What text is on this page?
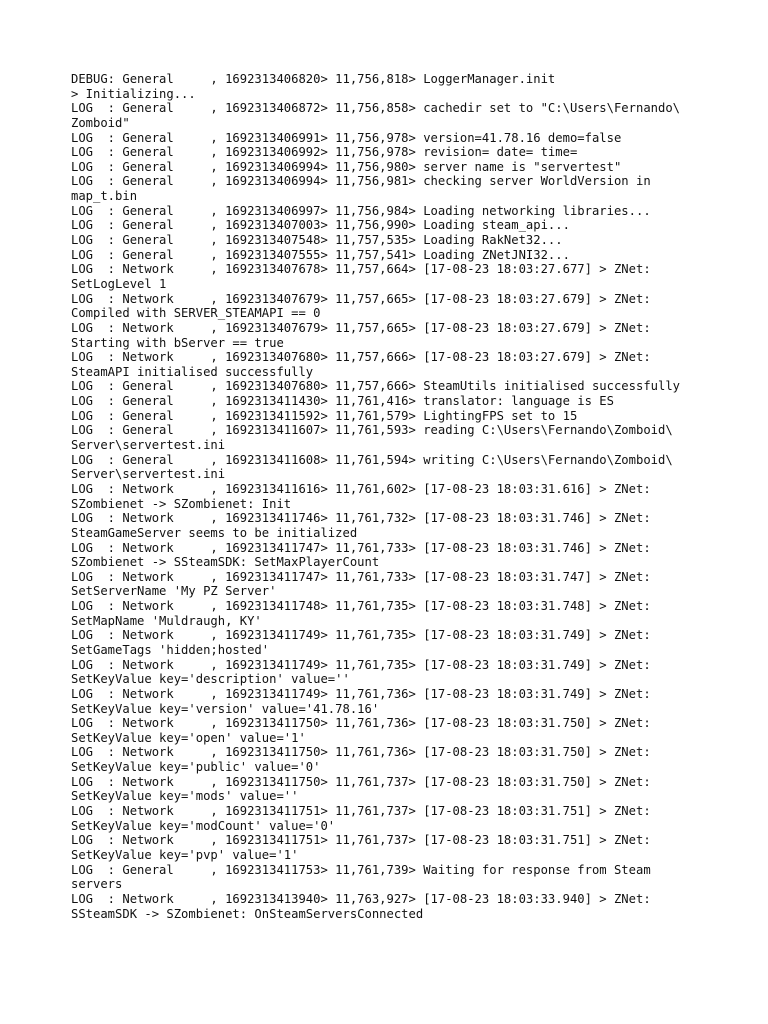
DEBUG: General     , 1692313406820> 11,756,818> LoggerManager.init
> Initializing...
LOG  : General     , 1692313406872> 11,756,858> cachedir set to "C:\Users\Fernando\
Zomboid"
LOG  : General     , 1692313406991> 11,756,978> version=41.78.16 demo=false
LOG  : General     , 1692313406992> 11,756,978> revision= date= time=
LOG  : General     , 1692313406994> 11,756,980> server name is "servertest"
LOG  : General     , 1692313406994> 11,756,981> checking server WorldVersion in
map_t.bin
LOG  : General     , 1692313406997> 11,756,984> Loading networking libraries...
LOG  : General     , 1692313407003> 11,756,990> Loading steam_api...
LOG  : General     , 1692313407548> 11,757,535> Loading RakNet32...
LOG  : General     , 1692313407555> 11,757,541> Loading ZNetJNI32...
LOG  : Network     , 1692313407678> 11,757,664> [17-08-23 18:03:27.677] > ZNet:
SetLogLevel 1
LOG  : Network     , 1692313407679> 11,757,665> [17-08-23 18:03:27.679] > ZNet:
Compiled with SERVER_STEAMAPI == 0
LOG  : Network     , 1692313407679> 11,757,665> [17-08-23 18:03:27.679] > ZNet:
Starting with bServer == true
LOG  : Network     , 1692313407680> 11,757,666> [17-08-23 18:03:27.679] > ZNet:
SteamAPI initialised successfully
LOG  : General     , 1692313407680> 11,757,666> SteamUtils initialised successfully
LOG  : General     , 1692313411430> 11,761,416> translator: language is ES
LOG  : General     , 1692313411592> 11,761,579> LightingFPS set to 15
LOG  : General     , 1692313411607> 11,761,593> reading C:\Users\Fernando\Zomboid\
Server\servertest.ini
LOG  : General     , 1692313411608> 11,761,594> writing C:\Users\Fernando\Zomboid\
Server\servertest.ini
LOG  : Network     , 1692313411616> 11,761,602> [17-08-23 18:03:31.616] > ZNet:
SZombienet -> SZombienet: Init
LOG  : Network     , 1692313411746> 11,761,732> [17-08-23 18:03:31.746] > ZNet:
SteamGameServer seems to be initialized
LOG  : Network     , 1692313411747> 11,761,733> [17-08-23 18:03:31.746] > ZNet:
SZombienet -> SSteamSDK: SetMaxPlayerCount
LOG  : Network     , 1692313411747> 11,761,733> [17-08-23 18:03:31.747] > ZNet:
SetServerName 'My PZ Server'
LOG  : Network     , 1692313411748> 11,761,735> [17-08-23 18:03:31.748] > ZNet:
SetMapName 'Muldraugh, KY'
LOG  : Network     , 1692313411749> 11,761,735> [17-08-23 18:03:31.749] > ZNet:
SetGameTags 'hidden;hosted'
LOG  : Network     , 1692313411749> 11,761,735> [17-08-23 18:03:31.749] > ZNet:
SetKeyValue key='description' value=''
LOG  : Network     , 1692313411749> 11,761,736> [17-08-23 18:03:31.749] > ZNet:
SetKeyValue key='version' value='41.78.16'
LOG  : Network     , 1692313411750> 11,761,736> [17-08-23 18:03:31.750] > ZNet:
SetKeyValue key='open' value='1'
LOG  : Network     , 1692313411750> 11,761,736> [17-08-23 18:03:31.750] > ZNet:
SetKeyValue key='public' value='0'
LOG  : Network     , 1692313411750> 11,761,737> [17-08-23 18:03:31.750] > ZNet:
SetKeyValue key='mods' value=''
LOG  : Network     , 1692313411751> 11,761,737> [17-08-23 18:03:31.751] > ZNet:
SetKeyValue key='modCount' value='0'
LOG  : Network     , 1692313411751> 11,761,737> [17-08-23 18:03:31.751] > ZNet:
SetKeyValue key='pvp' value='1'
LOG  : General     , 1692313411753> 11,761,739> Waiting for response from Steam
servers
LOG  : Network     , 1692313413940> 11,763,927> [17-08-23 18:03:33.940] > ZNet:
SSteamSDK -> SZombienet: OnSteamServersConnected
